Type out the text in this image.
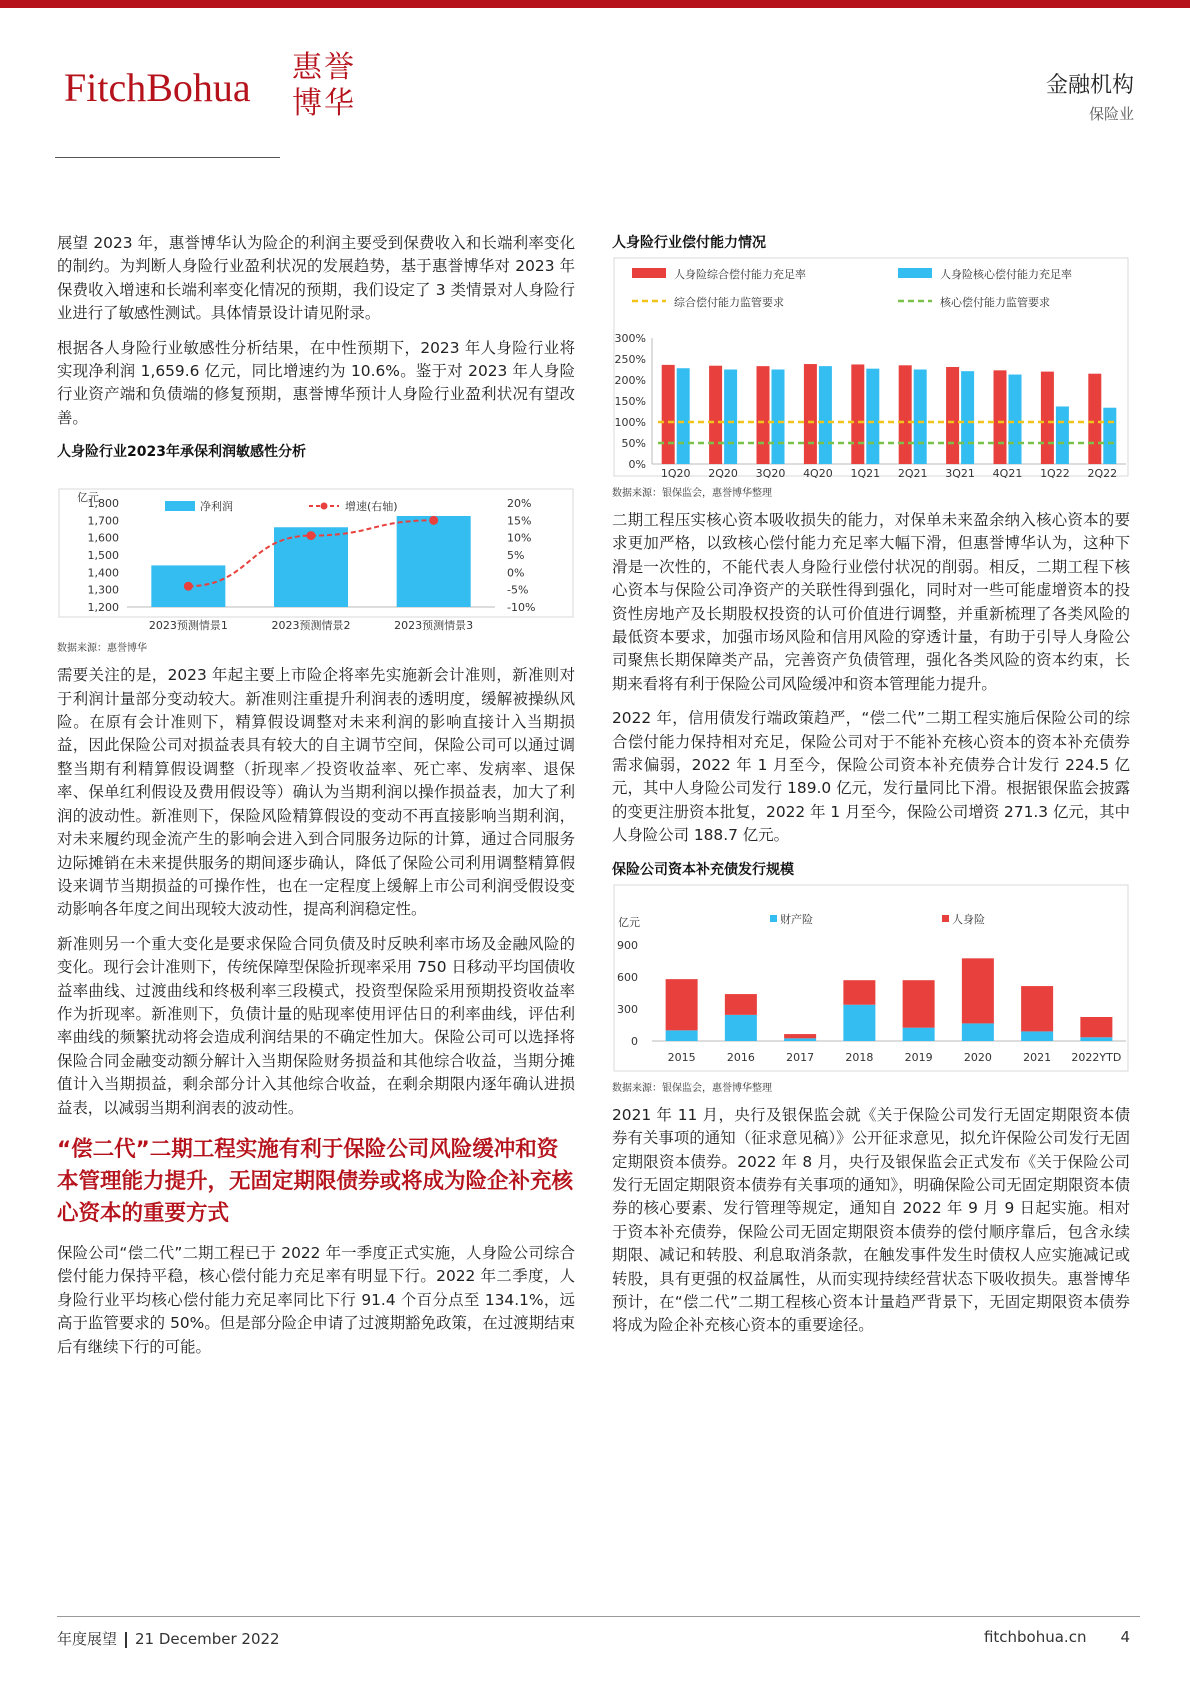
FitchBohua 惠誉博华
金融机构
保险业

展望 2023 年，惠誉博华认为险企的利润主要受到保费收入和长端利率变化的制约。为判断人身险行业盈利状况的发展趋势，基于惠誉博华对 2023 年保费收入增速和长端利率变化情况的预期，我们设定了 3 类情景对人身险行业进行了敏感性测试。具体情景设计请见附录。

根据各人身险行业敏感性分析结果，在中性预期下，2023 年人身险行业将实现净利润 1,659.6 亿元，同比增速约为 10.6%。鉴于对 2023 年人身险行业资产端和负债端的修复预期，惠誉博华预计人身险行业盈利状况有望改善。

人身险行业2023年承保利润敏感性分析
亿元
1,200
1,300
1,400
1,500
1,600
1,700
1,800
-10%
-5%
0%
5%
10%
15%
20%
2023预测情景1	2023预测情景2	2023预测情景3
净利润	增速(右轴)
数据来源：惠誉博华

需要关注的是，2023 年起主要上市险企将率先实施新会计准则，新准则对于利润计量部分变动较大。新准则注重提升利润表的透明度，缓解被操纵风险。在原有会计准则下，精算假设调整对未来利润的影响直接计入当期损益，因此保险公司对损益表具有较大的自主调节空间，保险公司可以通过调整当期有利精算假设调整（折现率／投资收益率、死亡率、发病率、退保率、保单红利假设及费用假设等）确认为当期利润以操作损益表，加大了利润的波动性。新准则下，保险风险精算假设的变动不再直接影响当期利润，对未来履约现金流产生的影响会进入到合同服务边际的计算，通过合同服务边际摊销在未来提供服务的期间逐步确认，降低了保险公司利用调整精算假设来调节当期损益的可操作性，也在一定程度上缓解上市公司利润受假设变动影响各年度之间出现较大波动性，提高利润稳定性。

新准则另一个重大变化是要求保险合同负债及时反映利率市场及金融风险的变化。现行会计准则下，传统保障型保险折现率采用 750 日移动平均国债收益率曲线、过渡曲线和终极利率三段模式，投资型保险采用预期投资收益率作为折现率。新准则下，负债计量的贴现率使用评估日的利率曲线，评估利率曲线的频繁扰动将会造成利润结果的不确定性加大。保险公司可以选择将保险合同金融变动额分解计入当期保险财务损益和其他综合收益，当期分摊值计入当期损益，剩余部分计入其他综合收益，在剩余期限内逐年确认进损益表，以减弱当期利润表的波动性。

“偿二代”二期工程实施有利于保险公司风险缓冲和资本管理能力提升，无固定期限债券或将成为险企补充核心资本的重要方式

保险公司“偿二代”二期工程已于 2022 年一季度正式实施，人身险公司综合偿付能力保持平稳，核心偿付能力充足率有明显下行。2022 年二季度，人身险行业平均核心偿付能力充足率同比下行 91.4 个百分点至 134.1%，远高于监管要求的 50%。但是部分险企申请了过渡期豁免政策，在过渡期结束后有继续下行的可能。

人身险行业偿付能力情况
人身险综合偿付能力充足率	人身险核心偿付能力充足率
综合偿付能力监管要求	核心偿付能力监管要求
0%
50%
100%
150%
200%
250%
300%
1Q20 2Q20 3Q20 4Q20 1Q21 2Q21 3Q21 4Q21 1Q22 2Q22
数据来源：银保监会，惠誉博华整理

二期工程压实核心资本吸收损失的能力，对保单未来盈余纳入核心资本的要求更加严格，以致核心偿付能力充足率大幅下滑，但惠誉博华认为，这种下滑是一次性的，不能代表人身险行业偿付状况的削弱。相反，二期工程下核心资本与保险公司净资产的关联性得到强化，同时对一些可能虚增资本的投资性房地产及长期股权投资的认可价值进行调整，并重新梳理了各类风险的最低资本要求，加强市场风险和信用风险的穿透计量，有助于引导人身险公司聚焦长期保障类产品，完善资产负债管理，强化各类风险的资本约束，长期来看将有利于保险公司风险缓冲和资本管理能力提升。

2022 年，信用债发行端政策趋严，“偿二代”二期工程实施后保险公司的综合偿付能力保持相对充足，保险公司对于不能补充核心资本的资本补充债券需求偏弱，2022 年 1 月至今，保险公司资本补充债券合计发行 224.5 亿元，其中人身险公司发行 189.0 亿元，发行量同比下滑。根据银保监会披露的变更注册资本批复，2022 年 1 月至今，保险公司增资 271.3 亿元，其中人身险公司 188.7 亿元。

保险公司资本补充债发行规模
亿元	财产险	人身险
0
300
600
900
2015	2016	2017	2018	2019	2020	2021 2022YTD
数据来源：银保监会，惠誉博华整理

2021 年 11 月，央行及银保监会就《关于保险公司发行无固定期限资本债券有关事项的通知（征求意见稿）》公开征求意见，拟允许保险公司发行无固定期限资本债券。2022 年 8 月，央行及银保监会正式发布《关于保险公司发行无固定期限资本债券有关事项的通知》，明确保险公司无固定期限资本债券的核心要素、发行管理等规定，通知自 2022 年 9 月 9 日起实施。相对于资本补充债券，保险公司无固定期限资本债券的偿付顺序靠后，包含永续期限、减记和转股、利息取消条款，在触发事件发生时债权人应实施减记或转股，具有更强的权益属性，从而实现持续经营状态下吸收损失。惠誉博华预计，在“偿二代”二期工程核心资本计量趋严背景下，无固定期限资本债券将成为险企补充核心资本的重要途径。

年度展望 21 December 2022	fitchbohua.cn 4
